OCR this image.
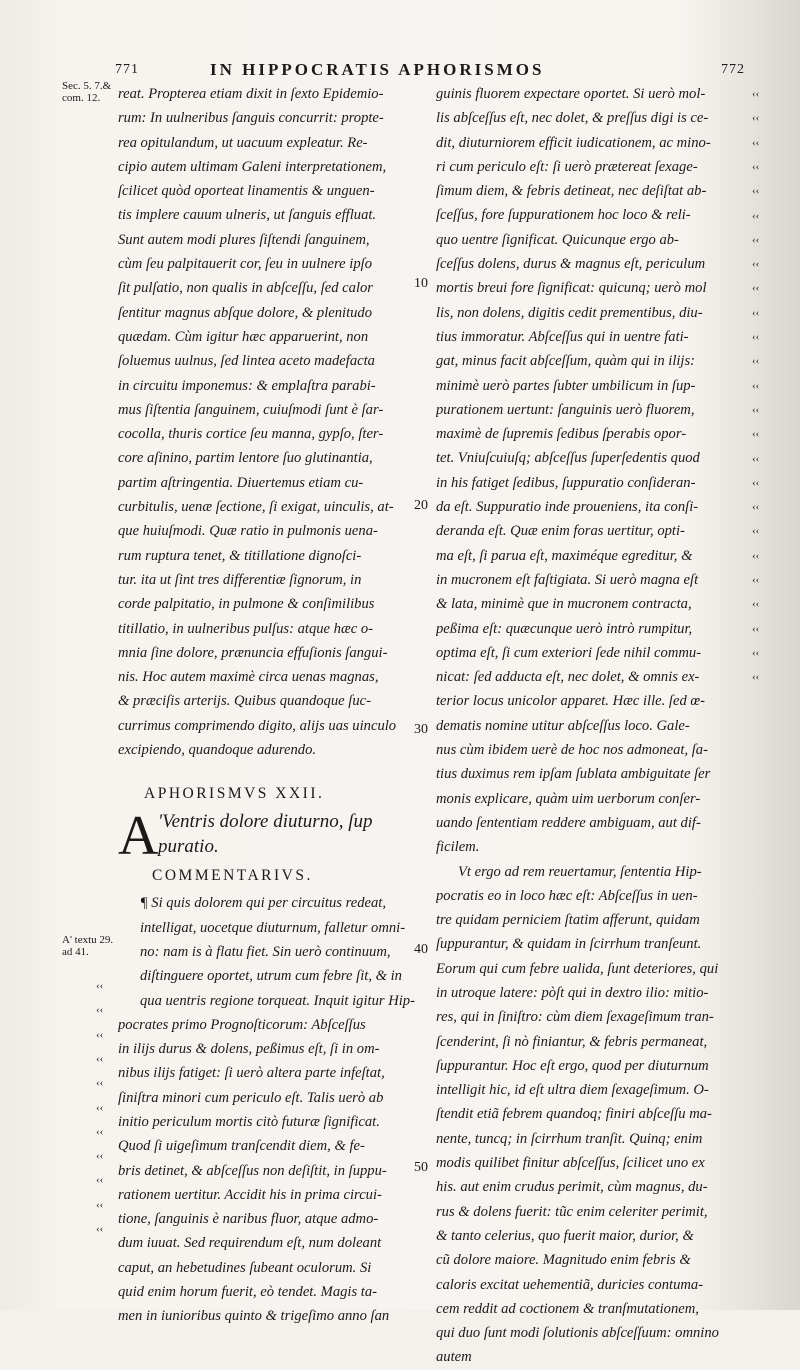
771	IN HIPPOCRATIS APHORISMOS	772
Sec. 5. 7.& com. 12.
A' textu 29. ad 41.
10
20
30
40
50
‹‹
‹‹
‹‹
‹‹
‹‹
‹‹
‹‹
‹‹
‹‹
‹‹
‹‹
‹‹
‹‹
‹‹
‹‹
‹‹
‹‹
‹‹
‹‹
‹‹
‹‹
‹‹
‹‹
‹‹
‹‹
‹‹
‹‹
‹‹
‹‹
‹‹
‹‹
‹‹
‹‹
‹‹
‹‹
‹‹
reat. Propterea etiam dixit in ſexto Epidemio-
rum: In uulneribus ſanguis concurrit: propte-
rea opitulandum, ut uacuum expleatur. Re-
cipio autem ultimam Galeni interpretationem,
ſcilicet quòd oporteat linamentis & unguen-
tis implere cauum ulneris, ut ſanguis effluat.
Sunt autem modi plures ſiſtendi ſanguinem,
cùm ſeu palpitauerit cor, ſeu in uulnere ipſo
ſit pulſatio, non qualis in abſceſſu, ſed calor
ſentitur magnus abſque dolore, & plenitudo
quædam. Cùm igitur hæc apparuerint, non
ſoluemus uulnus, ſed lintea aceto madefacta
in circuitu imponemus: & emplaſtra parabi-
mus ſiſtentia ſanguinem, cuiuſmodi ſunt è ſar-
cocolla, thuris cortice ſeu manna, gypſo, ſter-
core aſinino, partim lentore ſuo glutinantia,
partim aſtringentia. Diuertemus etiam cu-
curbitulis, uenæ ſectione, ſi exigat, uinculis, at-
que huiuſmodi. Quæ ratio in pulmonis uena-
rum ruptura tenet, & titillatione dignoſci-
tur. ita ut ſint tres differentiæ ſignorum, in
corde palpitatio, in pulmone & conſimilibus
titillatio, in uulneribus pulſus: atque hæc o-
mnia ſine dolore, prænuncia effuſionis ſangui-
nis. Hoc autem maximè circa uenas magnas,
& præciſis arterijs. Quibus quandoque ſuc-
currimus comprimendo digito, alijs uas uinculo
excipiendo, quandoque adurendo.
APHORISMVS XXII.
A 'Ventris dolore diuturno, ſup
puratio.
COMMENTARIVS.
¶ Si quis dolorem qui per circuitus redeat,
intelligat, uocetque diuturnum, falletur omni-
no: nam is à flatu fiet. Sin uerò continuum,
diſtinguere oportet, utrum cum febre ſit, & in
qua uentris regione torqueat. Inquit igitur Hip-
pocrates primo Prognoſticorum: Abſceſſus
in ilijs durus & dolens, peßimus eſt, ſi in om-
nibus ilijs fatiget: ſi uerò altera parte infeſtat,
ſiniſtra minori cum periculo eſt. Talis uerò ab
initio periculum mortis citò futuræ ſignificat.
Quod ſi uigeſimum tranſcendit diem, & fe-
bris detinet, & abſceſſus non deſiſtit, in ſuppu-
rationem uertitur. Accidit his in prima circui-
tione, ſanguinis è naribus fluor, atque admo-
dum iuuat. Sed requirendum eſt, num doleant
caput, an hebetudines ſubeant oculorum. Si
quid enim horum fuerit, eò tendet. Magis ta-
men in iunioribus quinto & trigeſimo anno ſan
guinis fluorem expectare oportet. Si uerò mol-
lis abſceſſus eſt, nec dolet, & preſſus digi is ce-
dit, diuturniorem efficit iudicationem, ac mino-
ri cum periculo eſt: ſi uerò prætereat ſexage-
ſimum diem, & febris detineat, nec deſiſtat ab-
ſceſſus, fore ſuppurationem hoc loco & reli-
quo uentre ſignificat. Quicunque ergo ab-
ſceſſus dolens, durus & magnus eſt, periculum
mortis breui fore ſignificat: quicunq; uerò mol
lis, non dolens, digitis cedit prementibus, diu-
tius immoratur. Abſceſſus qui in uentre fati-
gat, minus facit abſceſſum, quàm qui in ilijs:
minimè uerò partes ſubter umbilicum in ſup-
purationem uertunt: ſanguinis uerò fluorem,
maximè de ſupremis ſedibus ſperabis opor-
tet. Vniuſcuiuſq; abſceſſus ſuperſedentis quod
in his fatiget ſedibus, ſuppuratio conſideran-
da eſt. Suppuratio inde proueniens, ita conſi-
deranda eſt. Quæ enim foras uertitur, opti-
ma eſt, ſi parua eſt, maximéque egreditur, &
in mucronem eſt faſtigiata. Si uerò magna eſt
& lata, minimè que in mucronem contracta,
peßima eſt: quæcunque uerò intrò rumpitur,
optima eſt, ſi cum exteriori ſede nihil commu-
nicat: ſed adducta eſt, nec dolet, & omnis ex-
terior locus unicolor apparet. Hæc ille. ſed œ-
dematis nomine utitur abſceſſus loco. Gale-
nus cùm ibidem uerè de hoc nos admoneat, ſa-
tius duximus rem ipſam ſublata ambiguitate ſer
monis explicare, quàm uim uerborum conſer-
uando ſententiam reddere ambiguam, aut dif-
ficilem.
Vt ergo ad rem reuertamur, ſententia Hip-
pocratis eo in loco hæc eſt: Abſceſſus in uen-
tre quidam perniciem ſtatim afferunt, quidam
ſuppurantur, & quidam in ſcirrhum tranſeunt.
Eorum qui cum febre ualida, ſunt deteriores, qui
in utroque latere: pòſt qui in dextro ilio: mitio-
res, qui in ſiniſtro: cùm diem ſexageſimum tran-
ſcenderint, ſi nò finiantur, & febris permaneat,
ſuppurantur. Hoc eſt ergo, quod per diuturnum
intelligit hic, id eſt ultra diem ſexageſimum. O-
ſtendit etiã febrem quandoq; finiri abſceſſu ma-
nente, tuncq; in ſcirrhum tranſit. Quinq; enim
modis quilibet finitur abſceſſus, ſcilicet uno ex
his. aut enim crudus perimit, cùm magnus, du-
rus & dolens fuerit: tũc enim celeriter perimit,
& tanto celerius, quo fuerit maior, durior, &
cũ dolore maiore. Magnitudo enim febris &
caloris excitat uehementiã, duricies contuma-
cem reddit ad coctionem & tranſmutationem,
qui duo ſunt modi ſolutionis abſceſſuum: omnino
autem
